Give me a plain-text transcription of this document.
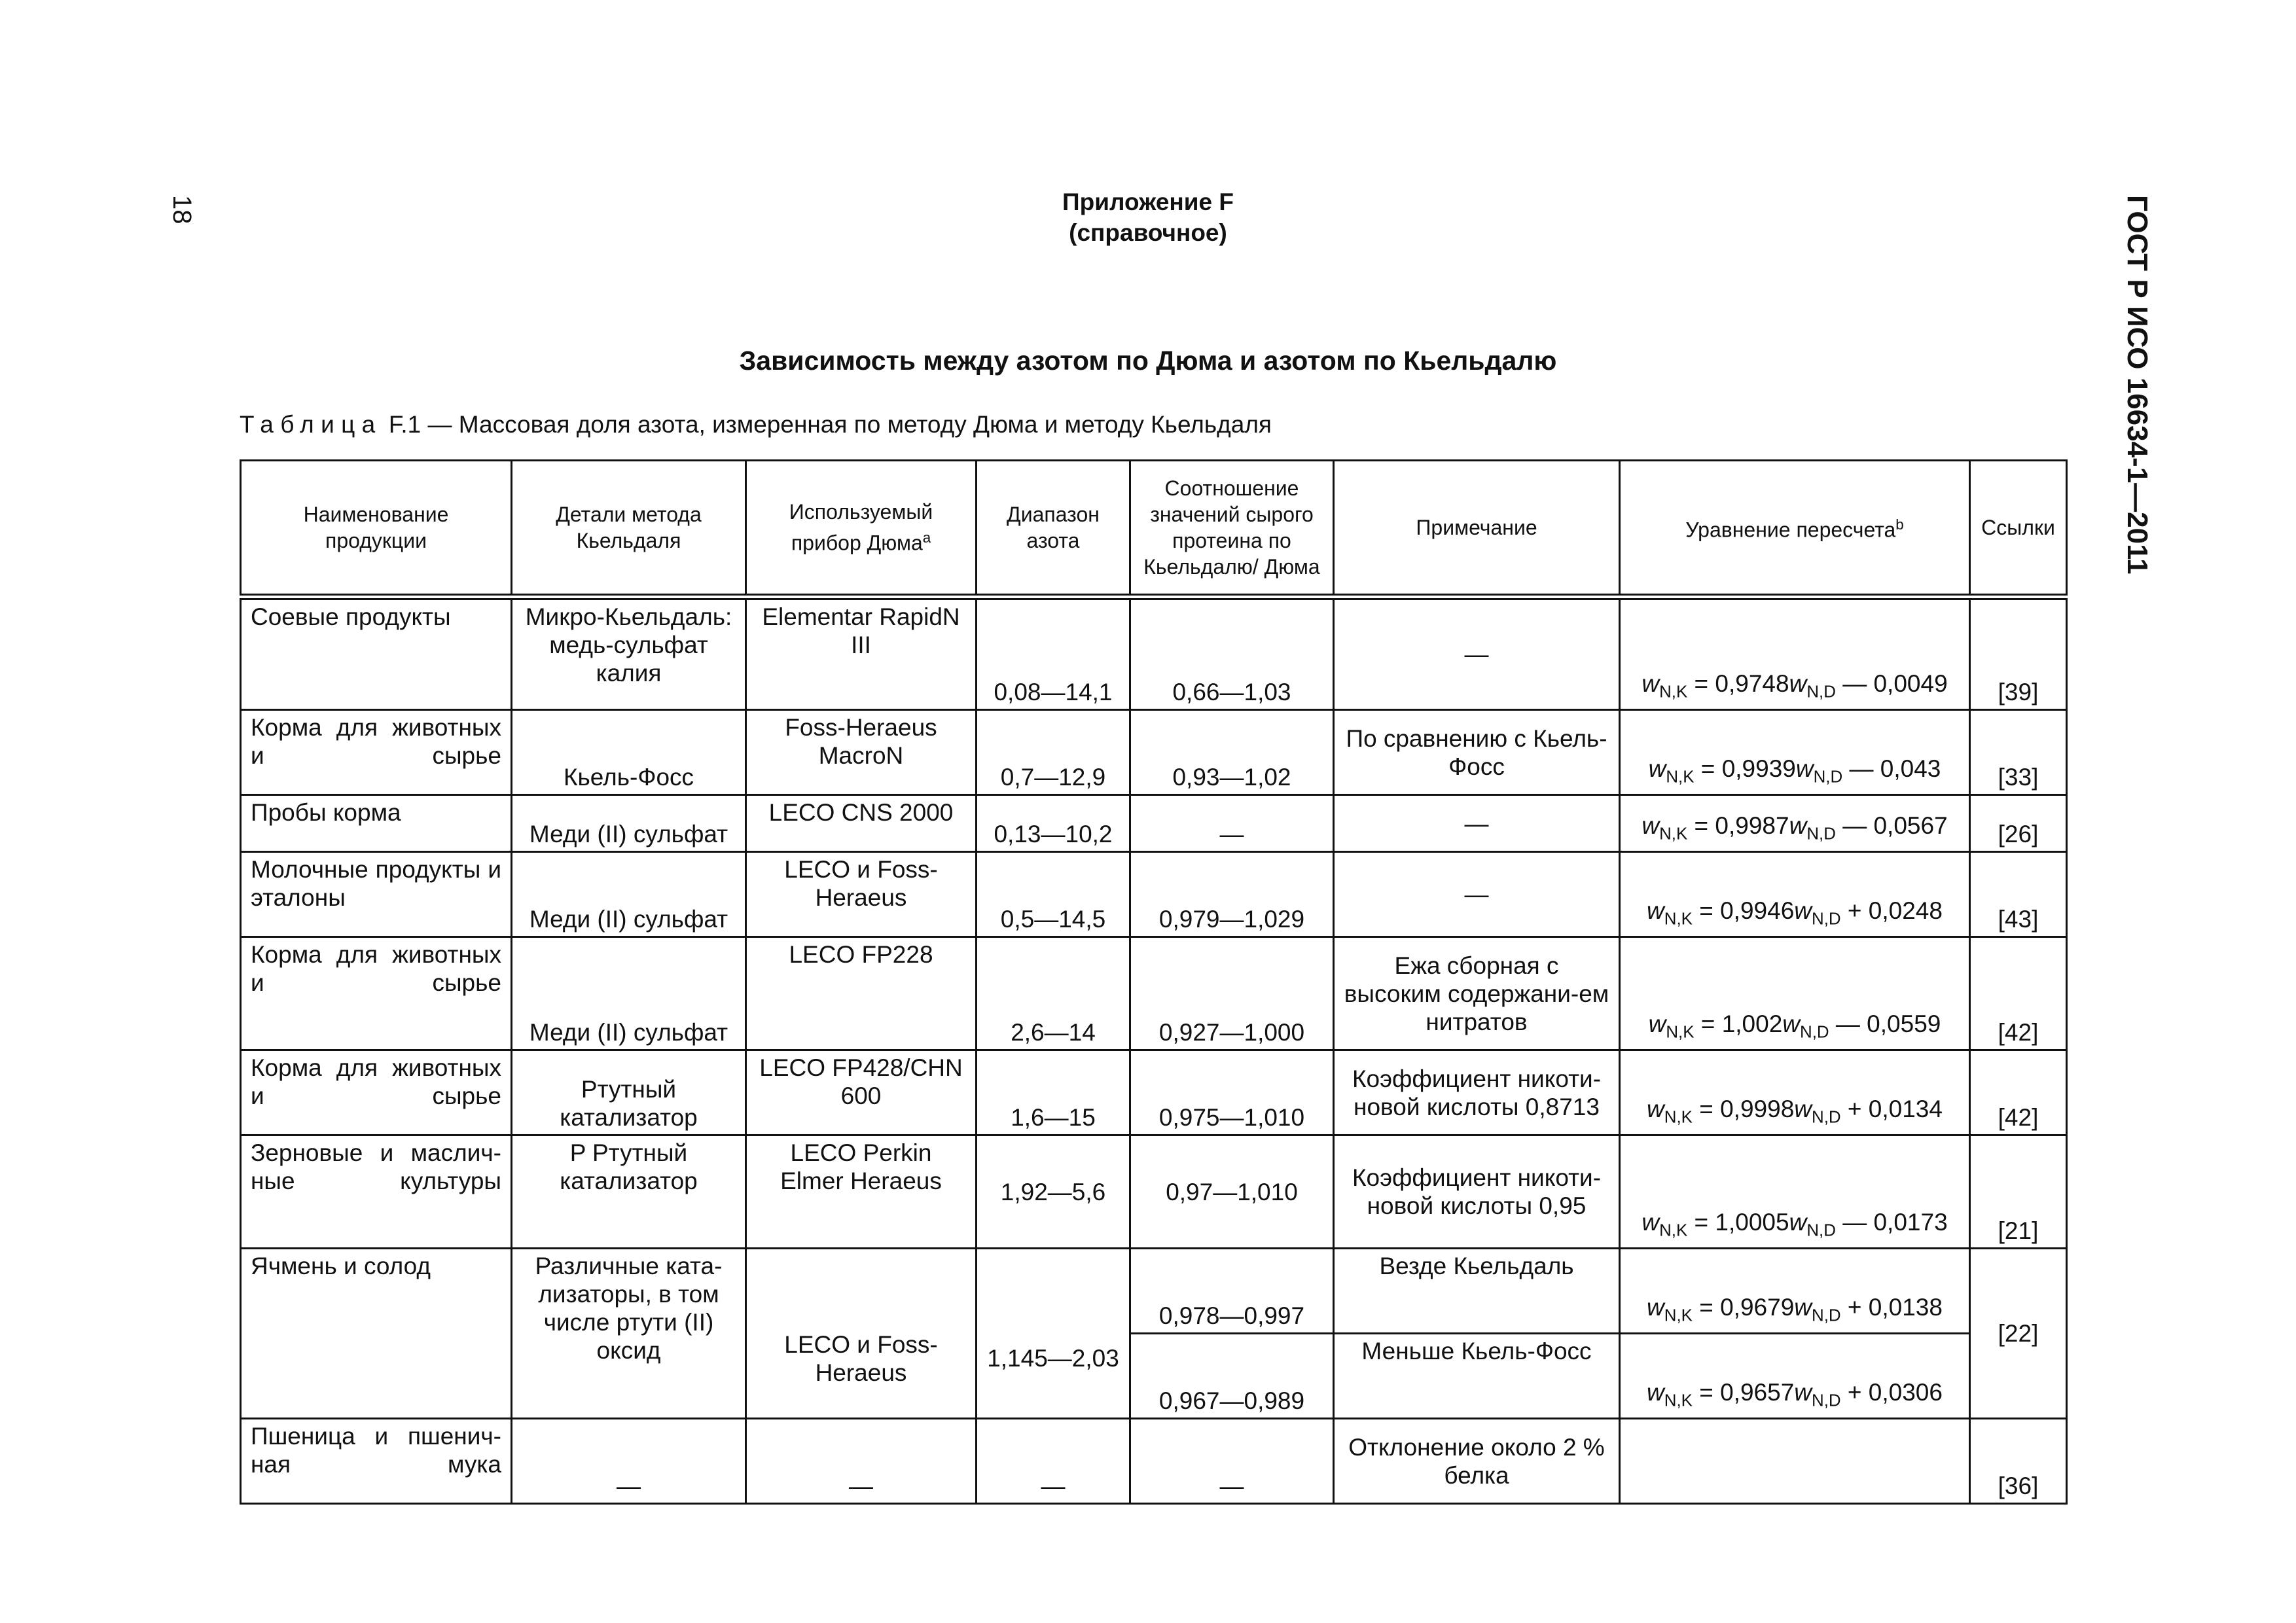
18	ГОСТ Р ИСО 16634-1—2011
Приложение F
(справочное)
Зависимость между азотом по Дюма и азотом по Кьельдалю
Таблица F.1 — Массовая доля азота, измеренная по методу Дюма и методу Кьельдаля
Наименование продукции	Детали метода Кьельдаля	Используемый прибор Дюма$^a$	Диапазон азота	Соотношение значений сырого протеина по Кьельдалю/ Дюма	Примечание	Уравнение пересчета$^b$	Ссылки
Соевые продукты	Микро-Кьельдаль: медь-сульфат калия	Elementar RapidN III	0,08—14,1	0,66—1,03	—	$w_{N,K} = 0,9748w_{N,D}$ — 0,0049	[39]
Корма для животных и сырье	Кьель-Фосс	Foss-Heraeus MacroN	0,7—12,9	0,93—1,02	По сравнению с Кьель-Фосс	$w_{N,K} = 0,9939w_{N,D}$ — 0,043	[33]
Пробы корма	Меди (II) сульфат	LECO CNS 2000	0,13—10,2	—	—	$w_{N,K} = 0,9987w_{N,D}$ — 0,0567	[26]
Молочные продукты и эталоны	Меди (II) сульфат	LECO и Foss-Heraeus	0,5—14,5	0,979—1,029	—	$w_{N,K} = 0,9946w_{N,D} + 0,0248$	[43]
Корма для животных и сырье	Меди (II) сульфат	LECO FP228	2,6—14	0,927—1,000	Ежа сборная с высоким содержани-ем нитратов	$w_{N,K} = 1,002w_{N,D}$ — 0,0559	[42]
Корма для животных и сырье	Ртутный катализатор	LECO FP428/CHN 600	1,6—15	0,975—1,010	Коэффициент никоти-новой кислоты 0,8713	$w_{N,K} = 0,9998w_{N,D} + 0,0134$	[42]
Зерновые и маслич-ные культуры	P Ртутный катализатор	LECO Perkin Elmer Heraeus	1,92—5,6	0,97—1,010	Коэффициент никоти-новой кислоты 0,95	$w_{N,K} = 1,0005w_{N,D}$ — 0,0173	[21]
Ячмень и солод	Различные ката-лизаторы, в том числе ртути (II) оксид	LECO и Foss-Heraeus	1,145—2,03	0,978—0,997	Везде Кьельдаль	$w_{N,K} = 0,9679w_{N,D} + 0,0138$	[22]
				0,967—0,989	Меньше Кьель-Фосс	$w_{N,K} = 0,9657w_{N,D} + 0,0306$	
Пшеница и пшенич-ная мука	—	—	—	—	Отклонение около 2 % белка		[36]
